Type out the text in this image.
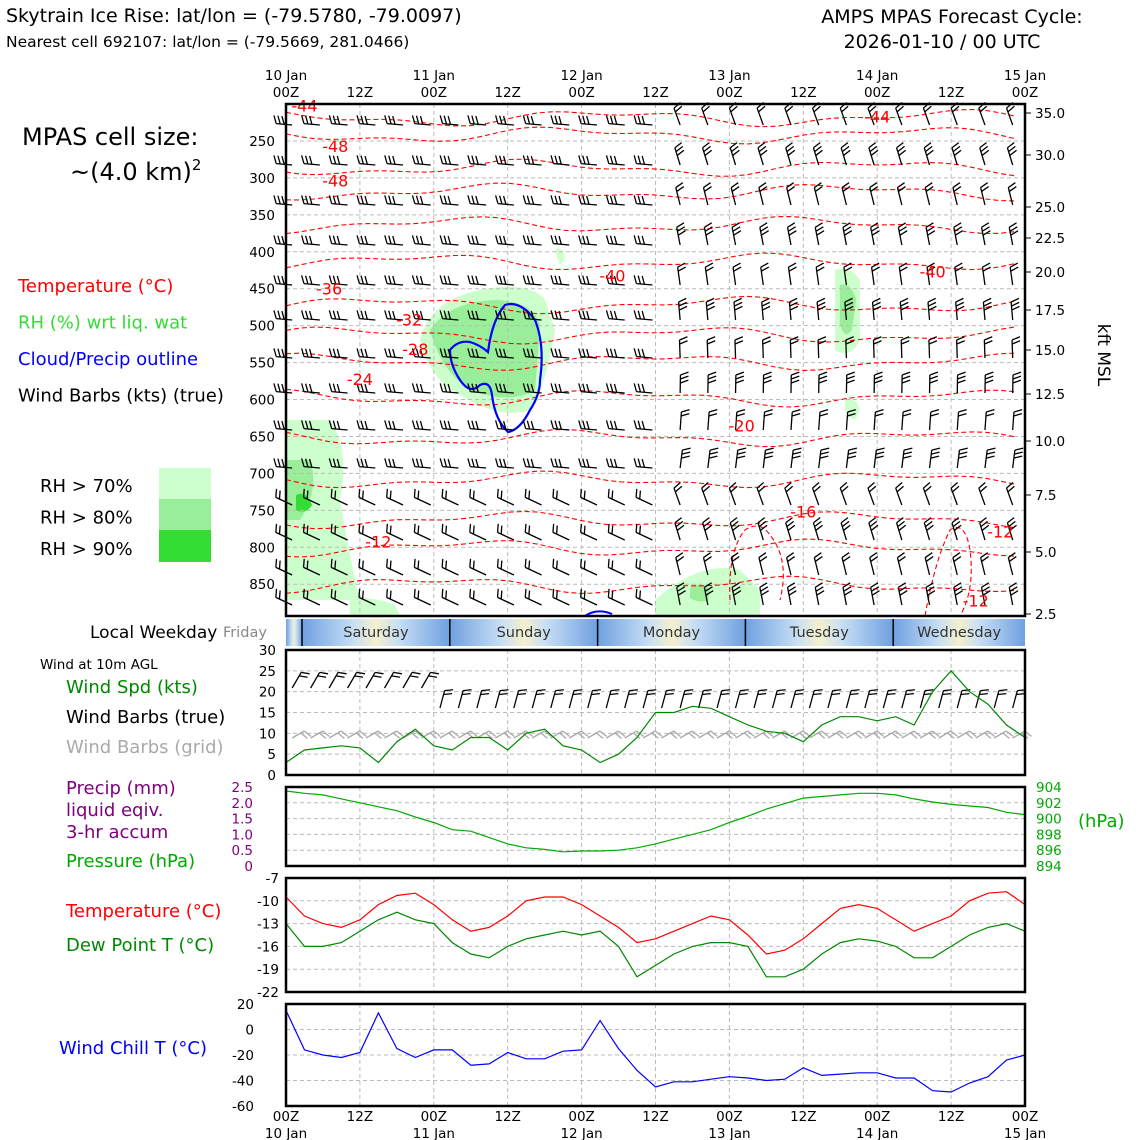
Skytrain Ice Rise: lat/lon = (-79.5780, -79.0097)
Nearest cell 692107: lat/lon = (-79.5669, 281.0466)
AMPS MPAS Forecast Cycle:
2026-01-10 / 00 UTC
MPAS cell size:
~(4.0 km)$^2$
Temperature (°C)
RH (%) wrt liq. wat
Cloud/Precip outline
Wind Barbs (kts) (true)
RH > 70%
RH > 80%
RH > 90%
-44
-48
-48
-36
-32
-28
-24
-12
-44
-40	-40
-20
-16
-12
-12
250
300
350
400
450
500
550
600
650
700
750
800
850
35.0
30.0
25.0
22.5
20.0
17.5
15.0
12.5
10.0
7.5
5.0
2.5
kft MSL
10 Jan
00Z	12Z
11 Jan
00Z	12Z
12 Jan
00Z	12Z
13 Jan
00Z	12Z
14 Jan
00Z	12Z
15 Jan
00Z
Local Weekday Friday	Saturday	Sunday	Monday	Tuesday	Wednesday
0
5
10
15
20
25
30
Wind at 10m AGL
Wind Spd (kts)
Wind Barbs (true)
Wind Barbs (grid)
2.5
2.0
1.5
1.0
0.5
0
904
902
900
898
896
894
(hPa)
Precip (mm)
liquid eqiv.
3-hr accum
Pressure (hPa)
-7
-10
-13
-16
-19
-22
Temperature (°C)
Dew Point T (°C)
20
0
-20
-40
-60
Wind Chill T (°C)
00Z
10 Jan
12Z	00Z
11 Jan
12Z	00Z
12 Jan
12Z	00Z
13 Jan
12Z	00Z
14 Jan
12Z	00Z
15 Jan
